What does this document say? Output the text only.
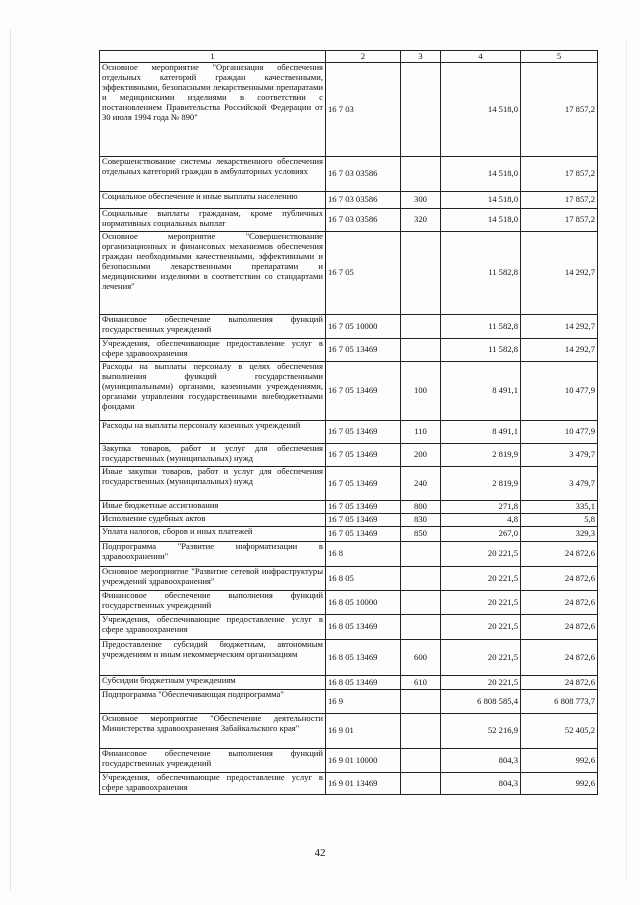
1	2	3	4	5
Основное мероприятие "Организация обеспечения отдельных категорий граждан качественными, эффективными, безопасными лекарственными препаратами и медицинскими изделиями в соответствии с постановлением Правительства Российской Федерации от 30 июля 1994 года № 890"	16 7 03		14 518,0	17 857,2
Совершенствование системы лекарственного обеспечения отдельных категорий граждан в амбулаторных условиях	16 7 03 03586		14 518,0	17 857,2
Социальное обеспечение и иные выплаты населению	16 7 03 03586	300	14 518,0	17 857,2
Социальные выплаты гражданам, кроме публичных нормативных социальных выплат	16 7 03 03586	320	14 518,0	17 857,2
Основное мероприятие "Совершенствование организационных и финансовых механизмов обеспечения граждан необходимыми качественными, эффективными и безопасными лекарственными препаратами и медицинскими изделиями в соответствии со стандартами лечения"	16 7 05		11 582,8	14 292,7
Финансовое обеспечение выполнения функций государственных учреждений	16 7 05 10000		11 582,8	14 292,7
Учреждения, обеспечивающие предоставление услуг в сфере здравоохранения	16 7 05 13469		11 582,8	14 292,7
Расходы на выплаты персоналу в целях обеспечения выполнения функций государственными (муниципальными) органами, казенными учреждениями, органами управления государственными внебюджетными фондами	16 7 05 13469	100	8 491,1	10 477,9
Расходы на выплаты персоналу казенных учреждений	16 7 05 13469	110	8 491,1	10 477,9
Закупка товаров, работ и услуг для обеспечения государственных (муниципальных) нужд	16 7 05 13469	200	2 819,9	3 479,7
Иные закупки товаров, работ и услуг для обеспечения государственных (муниципальных) нужд	16 7 05 13469	240	2 819,9	3 479,7
Иные бюджетные ассигнования	16 7 05 13469	800	271,8	335,1
Исполнение судебных актов	16 7 05 13469	830	4,8	5,8
Уплата налогов, сборов и иных платежей	16 7 05 13469	850	267,0	329,3
Подпрограмма "Развитие информатизации в здравоохранении"	16 8		20 221,5	24 872,6
Основное мероприятие "Развитие сетевой инфраструктуры учреждений здравоохранения"	16 8 05		20 221,5	24 872,6
Финансовое обеспечение выполнения функций государственных учреждений	16 8 05 10000		20 221,5	24 872,6
Учреждения, обеспечивающие предоставление услуг в сфере здравоохранения	16 8 05 13469		20 221,5	24 872,6
Предоставление субсидий бюджетным, автономным учреждениям и иным некоммерческим организациям	16 8 05 13469	600	20 221,5	24 872,6
Субсидии бюджетным учреждениям	16 8 05 13469	610	20 221,5	24 872,6
Подпрограмма "Обеспечивающая подпрограмма"	16 9		6 808 585,4	6 808 773,7
Основное мероприятие "Обеспечение деятельности Министерства здравоохранения Забайкальского края"	16 9 01		52 216,9	52 405,2
Финансовое обеспечение выполнения функций государственных учреждений	16 9 01 10000		804,3	992,6
Учреждения, обеспечивающие предоставление услуг в сфере здравоохранения	16 9 01 13469		804,3	992,6
42
